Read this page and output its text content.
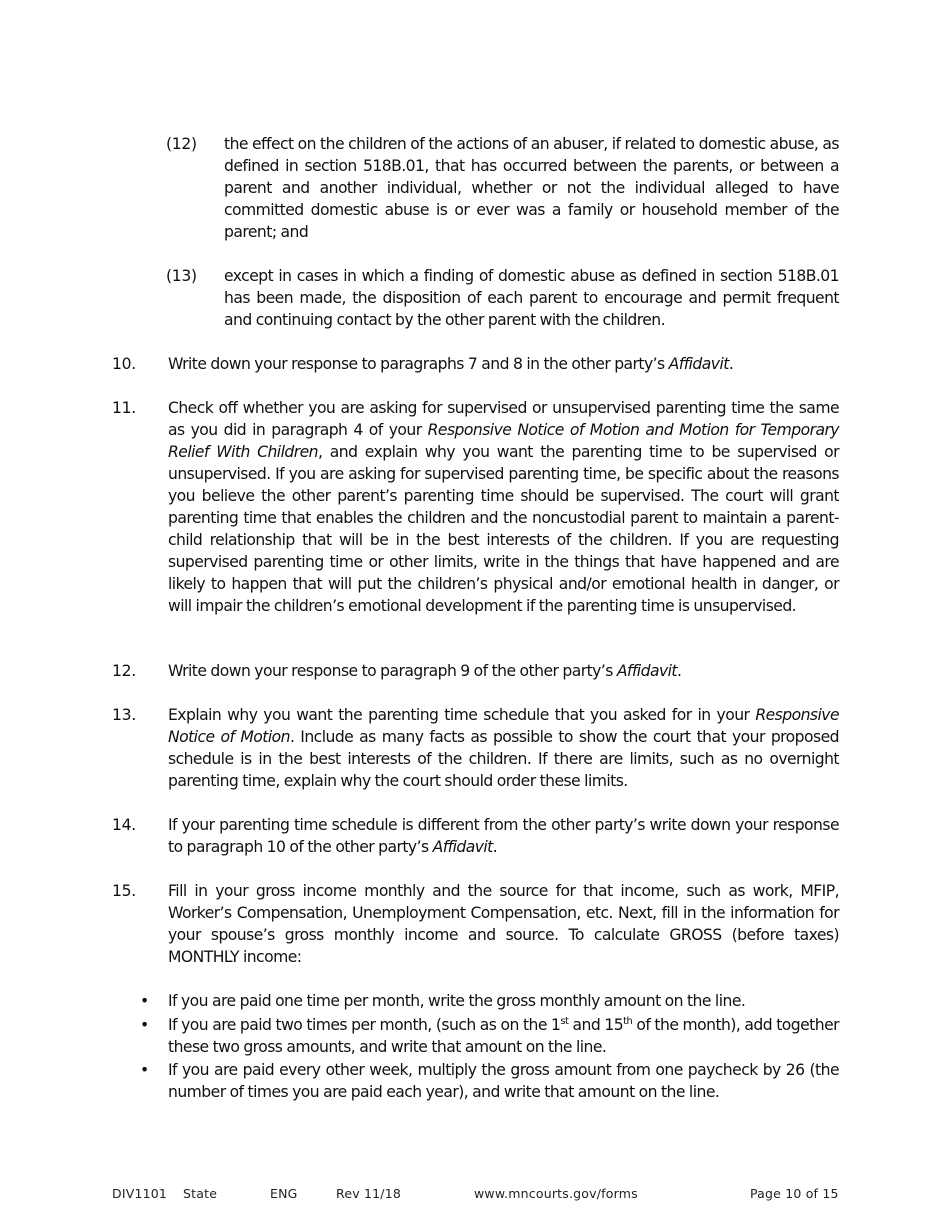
(12) the effect on the children of the actions of an abuser, if related to domestic abuse, as defined in section 518B.01, that has occurred between the parents, or between a parent and another individual, whether or not the individual alleged to have committed domestic abuse is or ever was a family or household member of the parent; and
(13) except in cases in which a finding of domestic abuse as defined in section 518B.01 has been made, the disposition of each parent to encourage and permit frequent and continuing contact by the other parent with the children.
10. Write down your response to paragraphs 7 and 8 in the other party’s Affidavit.
11. Check off whether you are asking for supervised or unsupervised parenting time the same as you did in paragraph 4 of your Responsive Notice of Motion and Motion for Temporary Relief With Children, and explain why you want the parenting time to be supervised or unsupervised. If you are asking for supervised parenting time, be specific about the reasons you believe the other parent’s parenting time should be supervised. The court will grant parenting time that enables the children and the noncustodial parent to maintain a parent-child relationship that will be in the best interests of the children. If you are requesting supervised parenting time or other limits, write in the things that have happened and are likely to happen that will put the children’s physical and/or emotional health in danger, or will impair the children’s emotional development if the parenting time is unsupervised.
12. Write down your response to paragraph 9 of the other party’s Affidavit.
13. Explain why you want the parenting time schedule that you asked for in your Responsive Notice of Motion. Include as many facts as possible to show the court that your proposed schedule is in the best interests of the children. If there are limits, such as no overnight parenting time, explain why the court should order these limits.
14. If your parenting time schedule is different from the other party’s write down your response to paragraph 10 of the other party’s Affidavit.
15. Fill in your gross income monthly and the source for that income, such as work, MFIP, Worker’s Compensation, Unemployment Compensation, etc. Next, fill in the information for your spouse’s gross monthly income and source. To calculate GROSS (before taxes) MONTHLY income:
• If you are paid one time per month, write the gross monthly amount on the line.
• If you are paid two times per month, (such as on the 1st and 15th of the month), add together these two gross amounts, and write that amount on the line.
• If you are paid every other week, multiply the gross amount from one paycheck by 26 (the number of times you are paid each year), and write that amount on the line.
DIV1101 State	ENG	Rev 11/18	www.mncourts.gov/forms	Page 10 of 15
